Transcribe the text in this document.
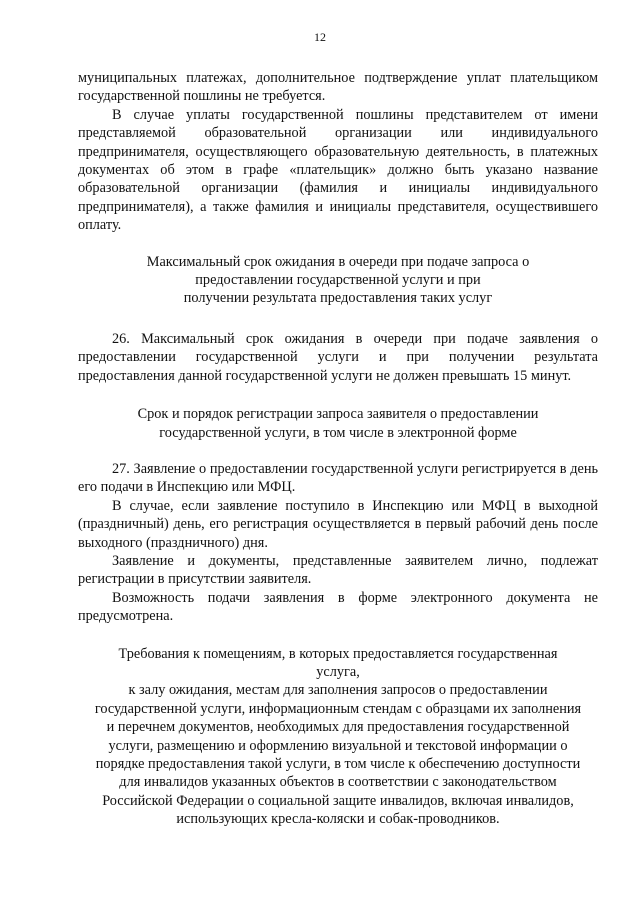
12

муниципальных платежах, дополнительное подтверждение уплат плательщиком государственной пошлины не требуется.

В случае уплаты государственной пошлины представителем от имени представляемой образовательной организации или индивидуального предпринимателя, осуществляющего образовательную деятельность, в платежных документах об этом в графе «плательщик» должно быть указано название образовательной организации (фамилия и инициалы индивидуального предпринимателя), а также фамилия и инициалы представителя, осуществившего оплату.

Максимальный срок ожидания в очереди при подаче запроса о
предоставлении государственной услуги и при
получении результата предоставления таких услуг

26. Максимальный срок ожидания в очереди при подаче заявления о предоставлении государственной услуги и при получении результата предоставления данной государственной услуги не должен превышать 15 минут.

Срок и порядок регистрации запроса заявителя о предоставлении
государственной услуги, в том числе в электронной форме

27. Заявление о предоставлении государственной услуги регистрируется в день его подачи в Инспекцию или МФЦ.

В случае, если заявление поступило в Инспекцию или МФЦ в выходной (праздничный) день, его регистрация осуществляется в первый рабочий день после выходного (праздничного) дня.

Заявление и документы, представленные заявителем лично, подлежат регистрации в присутствии заявителя.

Возможность подачи заявления в форме электронного документа не предусмотрена.

Требования к помещениям, в которых предоставляется государственная
услуга,
к залу ожидания, местам для заполнения запросов о предоставлении
государственной услуги, информационным стендам с образцами их заполнения
и перечнем документов, необходимых для предоставления государственной
услуги, размещению и оформлению визуальной и текстовой информации о
порядке предоставления такой услуги, в том числе к обеспечению доступности
для инвалидов указанных объектов в соответствии с законодательством
Российской Федерации о социальной защите инвалидов, включая инвалидов,
использующих кресла-коляски и собак-проводников.
